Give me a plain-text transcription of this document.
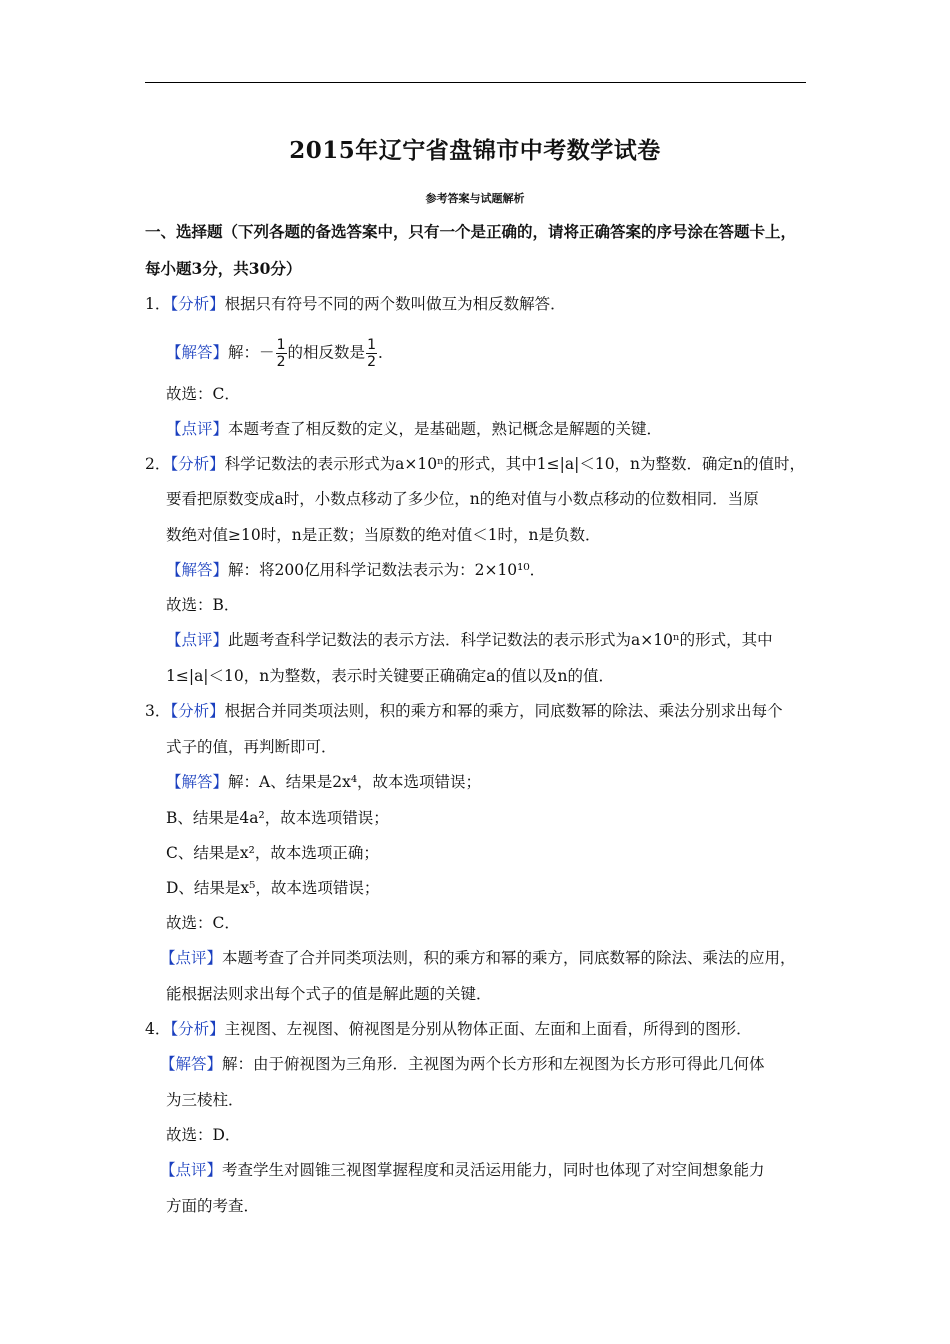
2015年辽宁省盘锦市中考数学试卷
参考答案与试题解析
一、选择题（下列各题的备选答案中，只有一个是正确的，请将正确答案的序号涂在答题卡上，
每小题3分，共30分）
1．【分析】根据只有符号不同的两个数叫做互为相反数解答．
【解答】解：－ $\frac{1}{2}$ 的相反数是 $\frac{1}{2}$ ．
故选：C．
【点评】本题考查了相反数的定义，是基础题，熟记概念是解题的关键．
2．【分析】科学记数法的表示形式为a×10ⁿ的形式，其中1≤|a|＜10，n为整数．确定n的值时，
要看把原数变成a时，小数点移动了多少位，n的绝对值与小数点移动的位数相同．当原
数绝对值≥10时，n是正数；当原数的绝对值＜1时，n是负数．
【解答】解：将200亿用科学记数法表示为：2×10¹⁰．
故选：B．
【点评】此题考查科学记数法的表示方法．科学记数法的表示形式为a×10ⁿ的形式，其中
1≤|a|＜10，n为整数，表示时关键要正确确定a的值以及n的值．
3．【分析】根据合并同类项法则，积的乘方和幂的乘方，同底数幂的除法、乘法分别求出每个
式子的值，再判断即可．
【解答】解：A、结果是2x⁴，故本选项错误；
B、结果是4a²，故本选项错误；
C、结果是x²，故本选项正确；
D、结果是x⁵，故本选项错误；
故选：C．
【点评】本题考查了合并同类项法则，积的乘方和幂的乘方，同底数幂的除法、乘法的应用，
能根据法则求出每个式子的值是解此题的关键．
4．【分析】主视图、左视图、俯视图是分别从物体正面、左面和上面看，所得到的图形．
【解答】解：由于俯视图为三角形．主视图为两个长方形和左视图为长方形可得此几何体
为三棱柱．
故选：D．
【点评】考查学生对圆锥三视图掌握程度和灵活运用能力，同时也体现了对空间想象能力
方面的考查．
